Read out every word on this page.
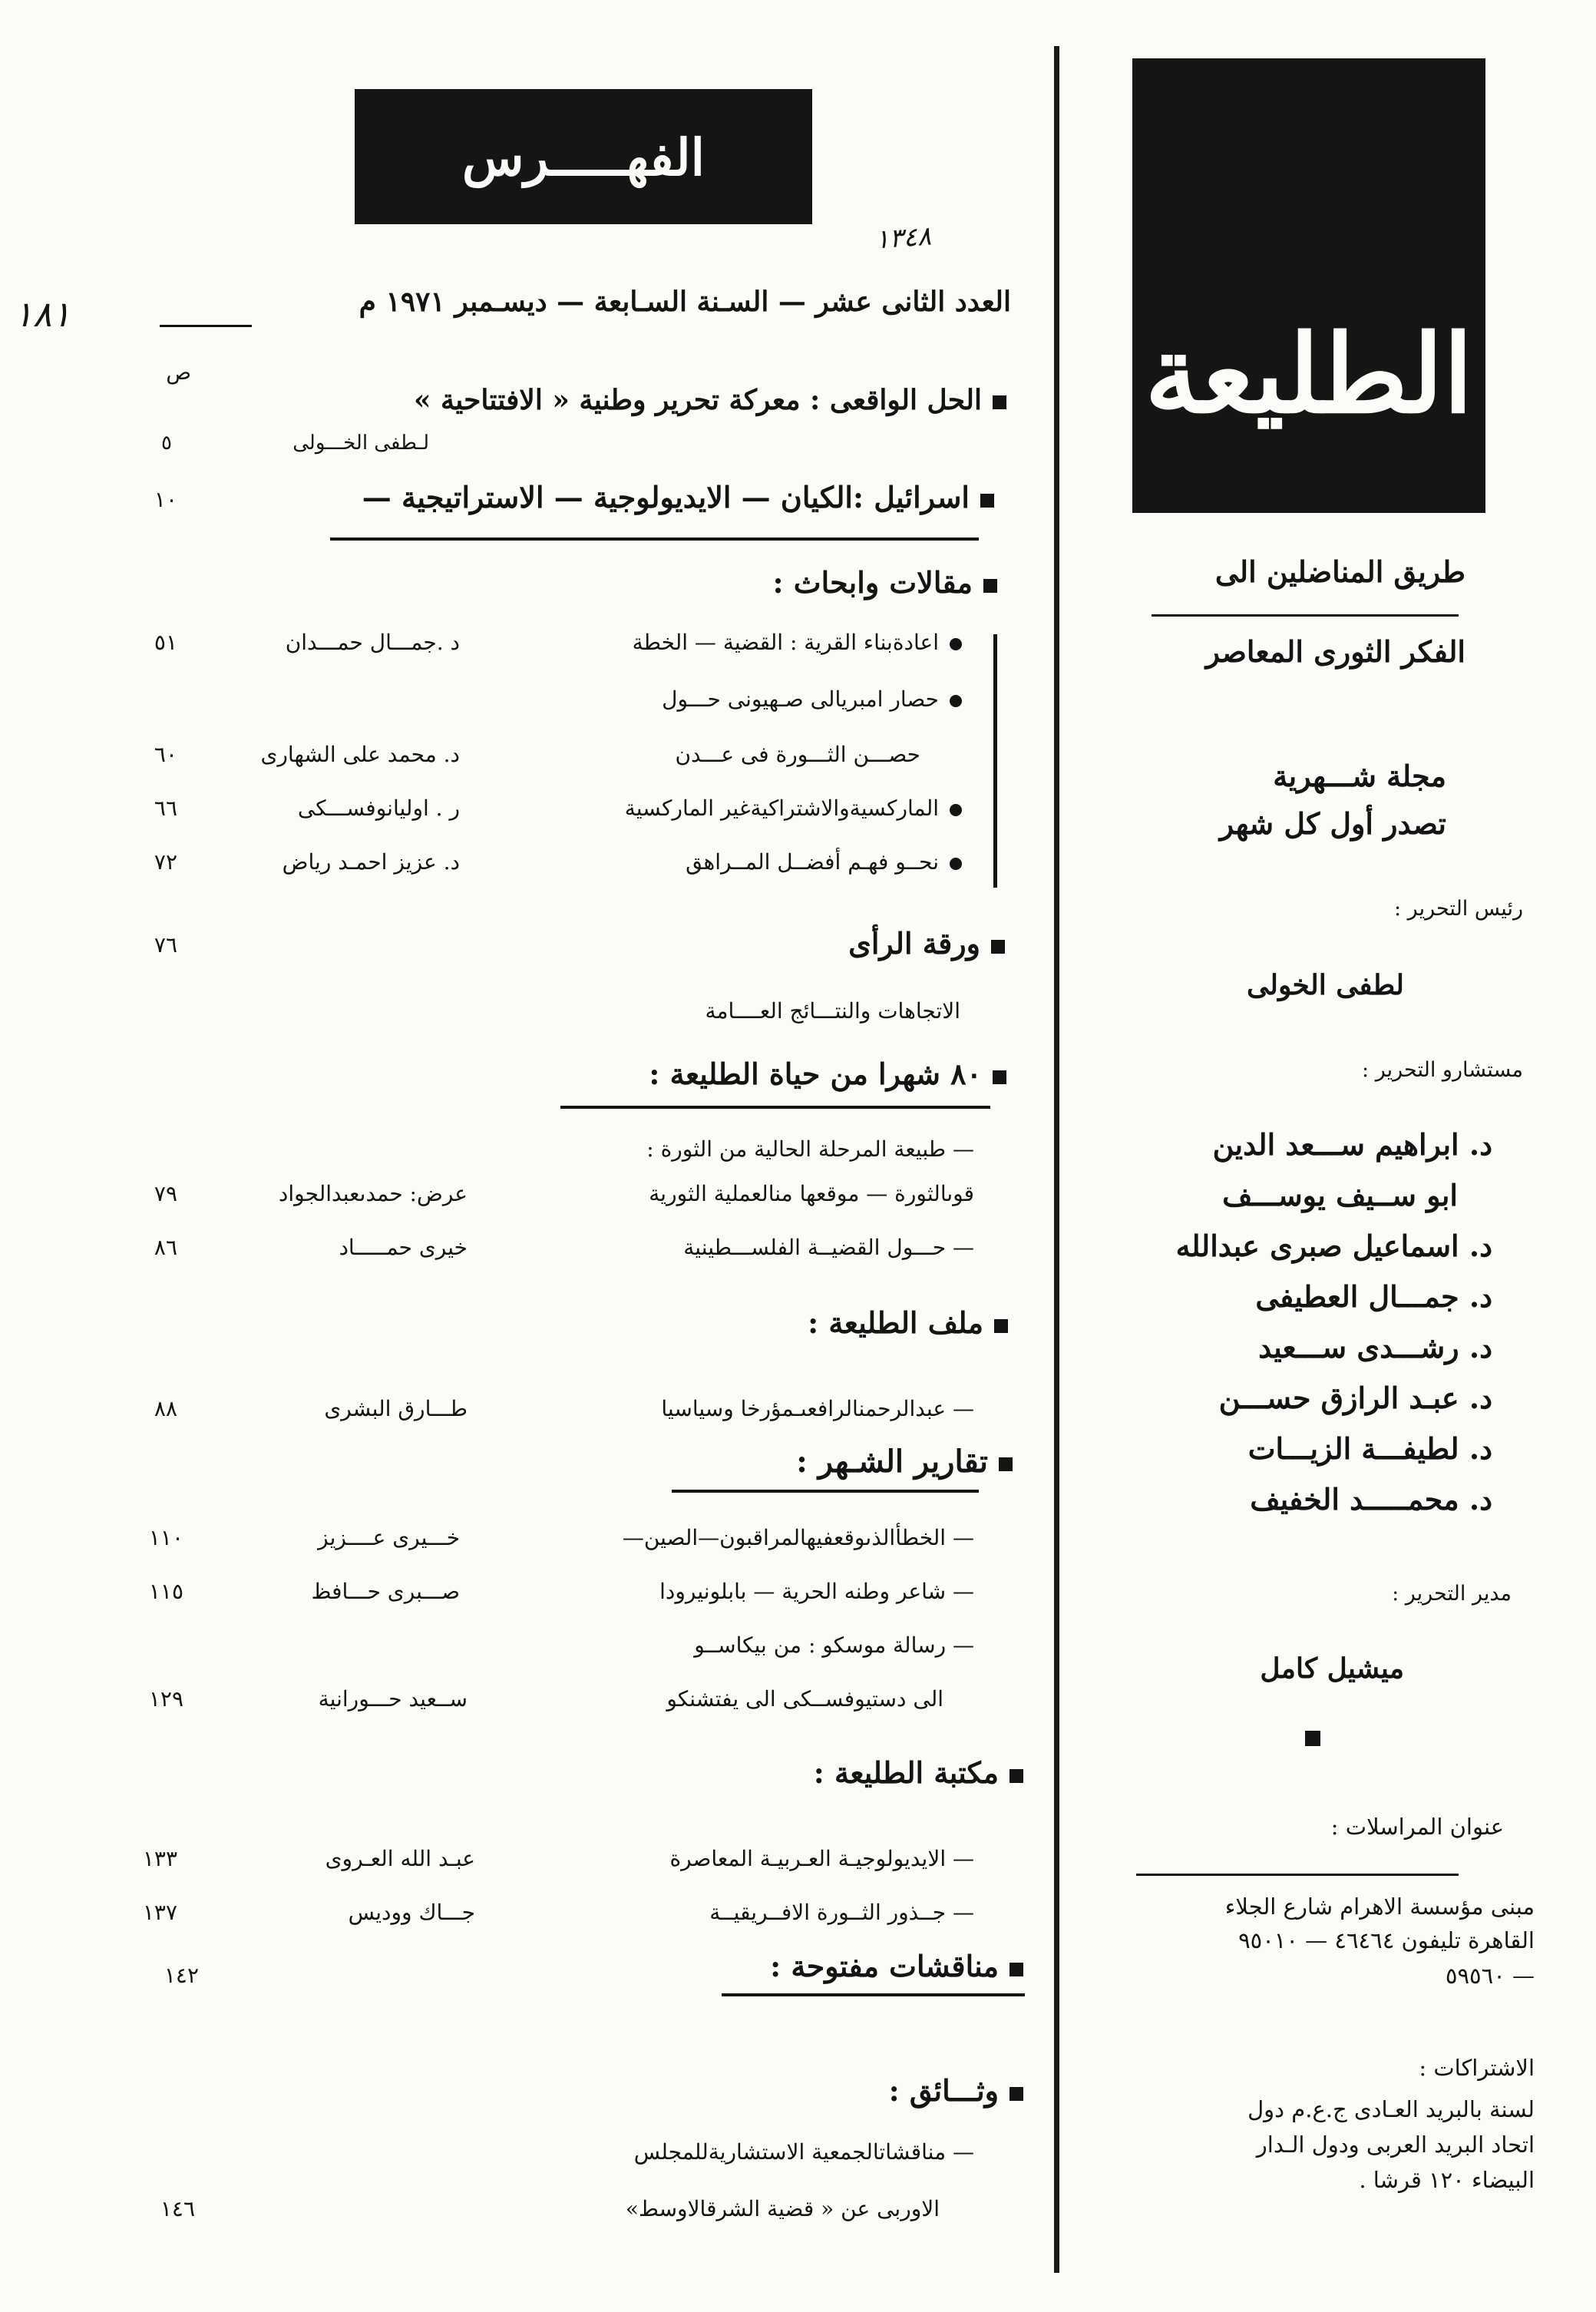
الطليعة
طريق المناضلين الى
الفكر الثورى المعاصر
مجلة شـــهرية
تصدر أول كل شهر
رئيس التحرير :
لطفى الخولى
مستشارو التحرير :
د. ابراهيم ســـعد الدين
ابو ســيف يوســـف
د. اسماعيل صبرى عبدالله
د. جمـــال العطيفى
د. رشـــدى ســـعيد
د. عبـد الرازق حســـن
د. لطيفـــة الزيـــات
د. محمـــــد الخفيف
مدير التحرير :
ميشيل كامل
عنوان المراسلات :
مبنى مؤسسة الاهرام شارع الجلاء
القاهرة تليفون ٤٦٤٦٤ — ٩٥٠١٠
— ٥٩٥٦٠
الاشتراكات :
لسنة بالبريد العـادى ج.ع.م دول
اتحاد البريد العربى ودول الـدار
البيضاء ١٢٠ قرشا .
الفهـــــرس
١٣٤٨
١٨١	العدد الثانى عشر — السـنة السـابعة — ديسـمبر ١٩٧١ م
ص
الحل الواقعى : معركة تحرير وطنية « الافتتاحية »
لـطفى الخـــولى
٥
اسرائيل :الكيان — الايديولوجية — الاستراتيجية —
١٠
مقالات وابحاث :
اعادةبناء القرية : القضية — الخطة
د .جمـــال حمـــدان
٥١
حصار امبريالى صـهيونى حـــول
حصـــن الثـــورة فى عـــدن
د. محمد على الشهارى
٦٠
الماركسيةوالاشتراكيةغير الماركسية
ر . اوليانوفســـكى
٦٦
نحــو فهـم أفضــل المــراهق
د. عزيز احمـد رياض
٧٢
ورقة الرأى
٧٦
الاتجاهات والنتـــائج العــــامة
٨٠ شهرا من حياة الطليعة :
— طبيعة المرحلة الحالية من الثورة :
قوىالثورة — موقعها منالعملية الثورية
عرض: حمدىعبدالجواد
٧٩
— حـــول القضيــة الفلســـطينية
خيرى حمـــــاد
٨٦
ملف الطليعة :
— عبدالرحمنالرافعىـمؤرخا وسياسيا
طـــارق البشرى
٨٨
تقارير الشـهر :
— الخطأالذىوقعفيهالمراقبون—الصين—
خـــيرى عــــزيز
١١٠
— شاعر وطنه الحرية — بابلونيرودا
صـــبرى حـــافظ
١١٥
— رسالة موسكو : من بيكاســو
الى دستيوفســكى الى يفتشنكو
ســعيد حـــورانية
١٢٩
مكتبة الطليعة :
— الايديولوجيـة العـربيـة المعاصرة
عبـد الله العـروى
١٣٣
— جــذور الثــورة الافــريقيــة
جـــاك وودیس
١٣٧
مناقشات مفتوحة :
١٤٢
وثـــائق :
— مناقشاتالجمعية الاستشاريةللمجلس
الاوربى عن « قضية الشرقالاوسط»
١٤٦
